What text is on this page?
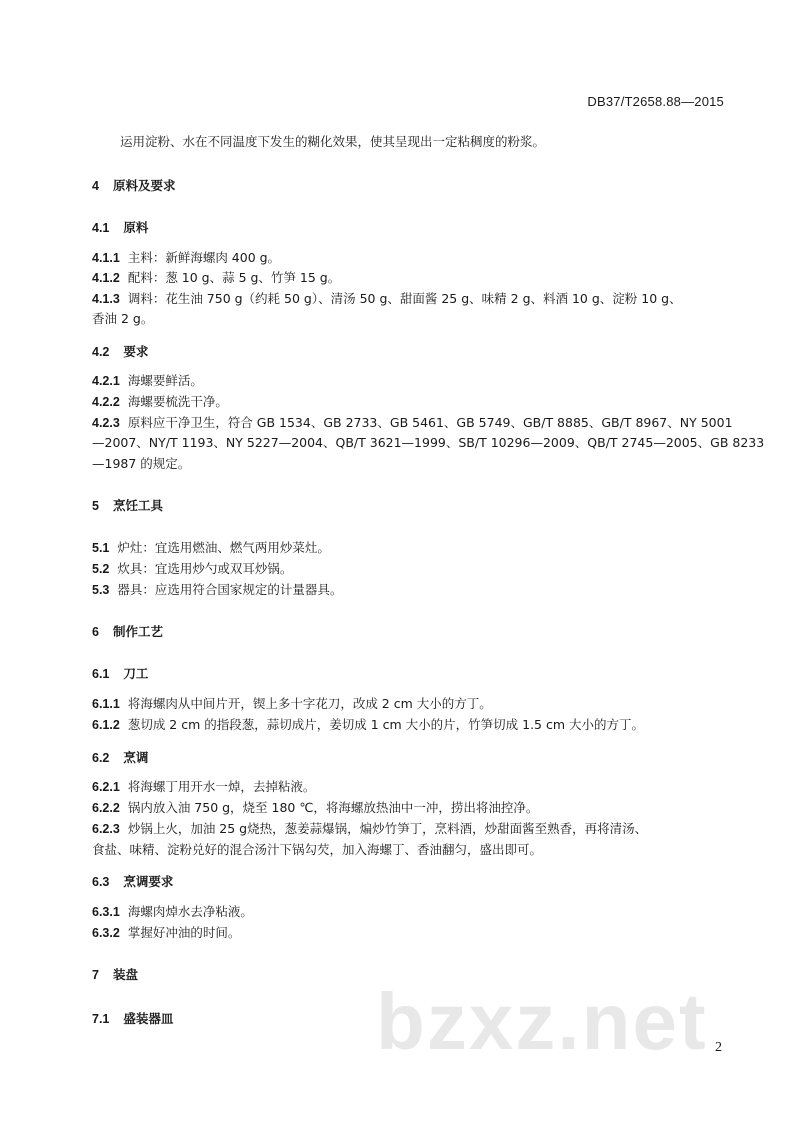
DB37/T2658.88—2015
运用淀粉、水在不同温度下发生的糊化效果，使其呈现出一定粘稠度的粉浆。
4 原料及要求
4.1 原料
4.1.1 主料：新鲜海螺肉 400 g。
4.1.2 配料：葱 10 g、蒜 5 g、竹笋 15 g。
4.1.3 调料：花生油 750 g（约耗 50 g）、清汤 50 g、甜面酱 25 g、味精 2 g、料酒 10 g、淀粉 10 g、
香油 2 g。
4.2 要求
4.2.1 海螺要鲜活。
4.2.2 海螺要梳洗干净。
4.2.3 原料应干净卫生，符合 GB 1534、GB 2733、GB 5461、GB 5749、GB/T 8885、GB/T 8967、NY 5001
—2007、NY/T 1193、NY 5227—2004、QB/T 3621—1999、SB/T 10296—2009、QB/T 2745—2005、GB 8233
—1987 的规定。
5 烹饪工具
5.1 炉灶：宜选用燃油、燃气两用炒菜灶。
5.2 炊具：宜选用炒勺或双耳炒锅。
5.3 器具：应选用符合国家规定的计量器具。
6 制作工艺
6.1 刀工
6.1.1 将海螺肉从中间片开，锲上多十字花刀，改成 2 cm 大小的方丁。
6.1.2 葱切成 2 cm 的指段葱，蒜切成片，姜切成 1 cm 大小的片，竹笋切成 1.5 cm 大小的方丁。
6.2 烹调
6.2.1 将海螺丁用开水一焯，去掉粘液。
6.2.2 锅内放入油 750 g，烧至 180 ℃，将海螺放热油中一冲，捞出将油控净。
6.2.3 炒锅上火，加油 25 g烧热，葱姜蒜爆锅，煸炒竹笋丁，烹料酒，炒甜面酱至熟香，再将清汤、
食盐、味精、淀粉兑好的混合汤汁下锅勾芡，加入海螺丁、香油翻匀，盛出即可。
6.3 烹调要求
6.3.1 海螺肉焯水去净粘液。
6.3.2 掌握好冲油的时间。
7 装盘
7.1 盛装器皿	bzxz.net 2
